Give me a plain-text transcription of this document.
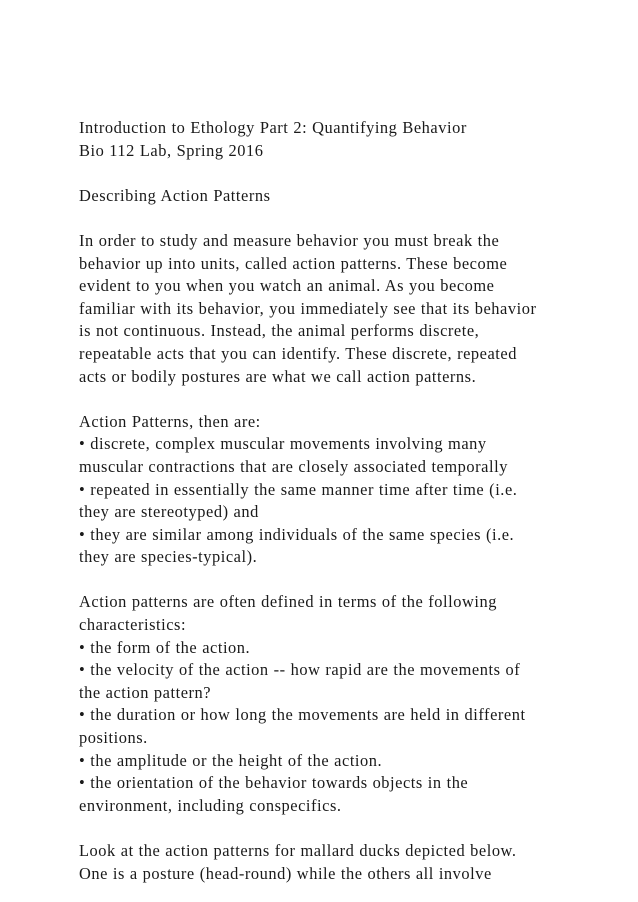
Introduction to Ethology Part 2: Quantifying Behavior
Bio 112 Lab, Spring 2016
Describing Action Patterns
In order to study and measure behavior you must break the
behavior up into units, called action patterns. These become
evident to you when you watch an animal. As you become
familiar with its behavior, you immediately see that its behavior
is not continuous. Instead, the animal performs discrete,
repeatable acts that you can identify. These discrete, repeated
acts or bodily postures are what we call action patterns.
Action Patterns, then are:
• discrete, complex muscular movements involving many
muscular contractions that are closely associated temporally
• repeated in essentially the same manner time after time (i.e.
they are stereotyped) and
• they are similar among individuals of the same species (i.e.
they are species-typical).
Action patterns are often defined in terms of the following
characteristics:
• the form of the action.
• the velocity of the action -- how rapid are the movements of
the action pattern?
• the duration or how long the movements are held in different
positions.
• the amplitude or the height of the action.
• the orientation of the behavior towards objects in the
environment, including conspecifics.
Look at the action patterns for mallard ducks depicted below.
One is a posture (head-round) while the others all involve
